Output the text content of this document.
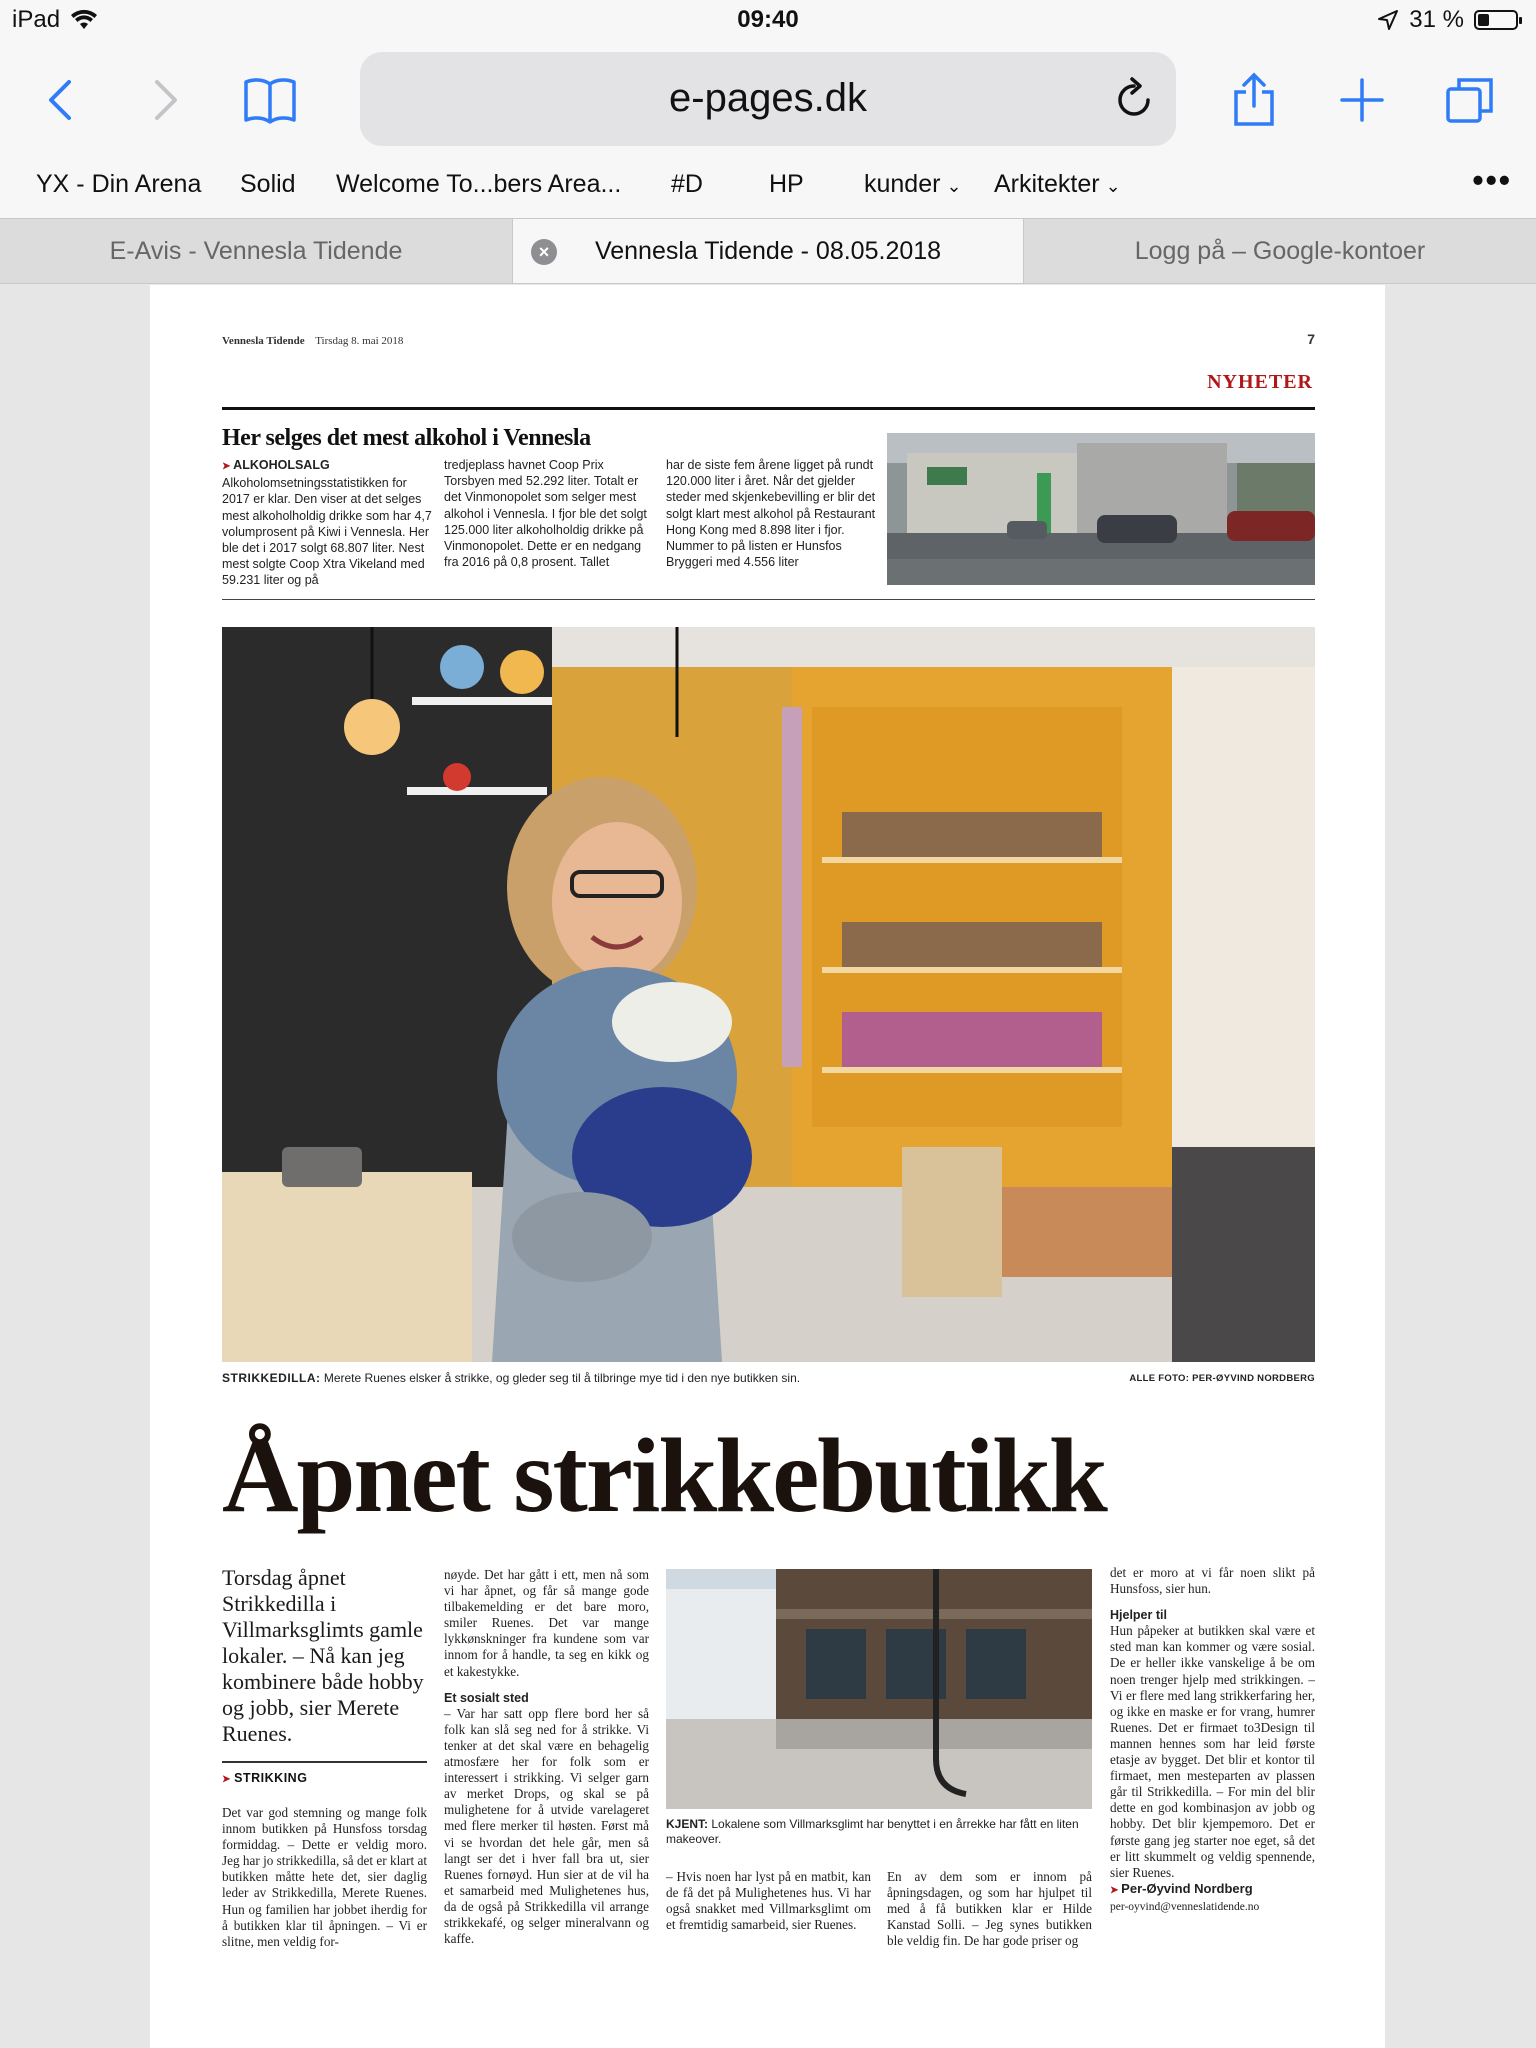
iPad	09:40	31 %
e-pages.dk
YX - Din Arena Solid Welcome To...bers Area... #D	HP kunder ⌄ Arkitekter ⌄	•••
E-Avis - Vennesla Tidende	×	Vennesla Tidende - 08.05.2018	Logg på – Google-kontoer
Vennesla Tidende Tirsdag 8. mai 2018	7
NYHETER
Her selges det mest alkohol i Vennesla
➤ ALKOHOLSALG Alkoholomsetningsstatistikken for 2017 er klar. Den viser at det selges mest alkoholholdig drikke som har 4,7 volumprosent på Kiwi i Vennesla. Her ble det i 2017 solgt 68.807 liter. Nest mest solgte Coop Xtra Vikeland med 59.231 liter og på
tredjeplass havnet Coop Prix Torsbyen med 52.292 liter. Totalt er det Vinmonopolet som selger mest alkohol i Vennesla. I fjor ble det solgt 125.000 liter alkoholholdig drikke på Vinmonopolet. Dette er en nedgang fra 2016 på 0,8 prosent. Tallet
har de siste fem årene ligget på rundt 120.000 liter i året. Når det gjelder steder med skjenkebevilling er blir det solgt klart mest alkohol på Restaurant Hong Kong med 8.898 liter i fjor. Nummer to på listen er Hunsfos Bryggeri med 4.556 liter
STRIKKEDILLA: Merete Ruenes elsker å strikke, og gleder seg til å tilbringe mye tid i den nye butikken sin.	ALLE FOTO: PER-ØYVIND NORDBERG
Åpnet strikkebutikk
Torsdag åpnet Strikkedilla i Villmarksglimts gamle lokaler. – Nå kan jeg kombinere både hobby og jobb, sier Merete Ruenes.
➤ STRIKKING
Det var god stemning og mange folk innom butikken på Hunsfoss torsdag formiddag. – Dette er veldig moro. Jeg har jo strikkedilla, så det er klart at butikken måtte hete det, sier daglig leder av Strikkedilla, Merete Ruenes. Hun og familien har jobbet iherdig for å butikken klar til åpningen. – Vi er slitne, men veldig for-

nøyde. Det har gått i ett, men nå som vi har åpnet, og får så mange gode tilbakemelding er det bare moro, smiler Ruenes. Det var mange lykkønskninger fra kundene som var innom for å handle, ta seg en kikk og et kakestykke.

Et sosialt sted

– Var har satt opp flere bord her så folk kan slå seg ned for å strikke. Vi tenker at det skal være en behagelig atmosfære her for folk som er interessert i strikking. Vi selger garn av merket Drops, og skal se på mulighetene for å utvide varelageret med flere merker til høsten. Først må vi se hvordan det hele går, men så langt ser det i hver fall bra ut, sier Ruenes fornøyd. Hun sier at de vil ha et samarbeid med Mulighetenes hus, da de også på Strikkedilla vil arrange strikkekafé, og selger mineralvann og kaffe.

KJENT: Lokalene som Villmarksglimt har benyttet i en årrekke har fått en liten makeover.
– Hvis noen har lyst på en matbit, kan de få det på Mulighetenes hus. Vi har også snakket med Villmarksglimt om et fremtidig samarbeid, sier Ruenes.
En av dem som er innom på åpningsdagen, og som har hjulpet til med å få butikken klar er Hilde Kanstad Solli. – Jeg synes butikken ble veldig fin. De har gode priser og

det er moro at vi får noen slikt på Hunsfoss, sier hun.

Hjelper til

Hun påpeker at butikken skal være et sted man kan kommer og være sosial. De er heller ikke vanskelige å be om noen trenger hjelp med strikkingen. – Vi er flere med lang strikkerfaring her, og ikke en maske er for vrang, humrer Ruenes. Det er firmaet to3Design til mannen hennes som har leid første etasje av bygget. Det blir et kontor til firmaet, men mesteparten av plassen går til Strikkedilla. – For min del blir dette en god kombinasjon av jobb og hobby. Det blir kjempemoro. Det er første gang jeg starter noe eget, så det er litt skummelt og veldig spennende, sier Ruenes.

➤ Per-Øyvind Nordberg

per-oyvind@venneslatidende.no
